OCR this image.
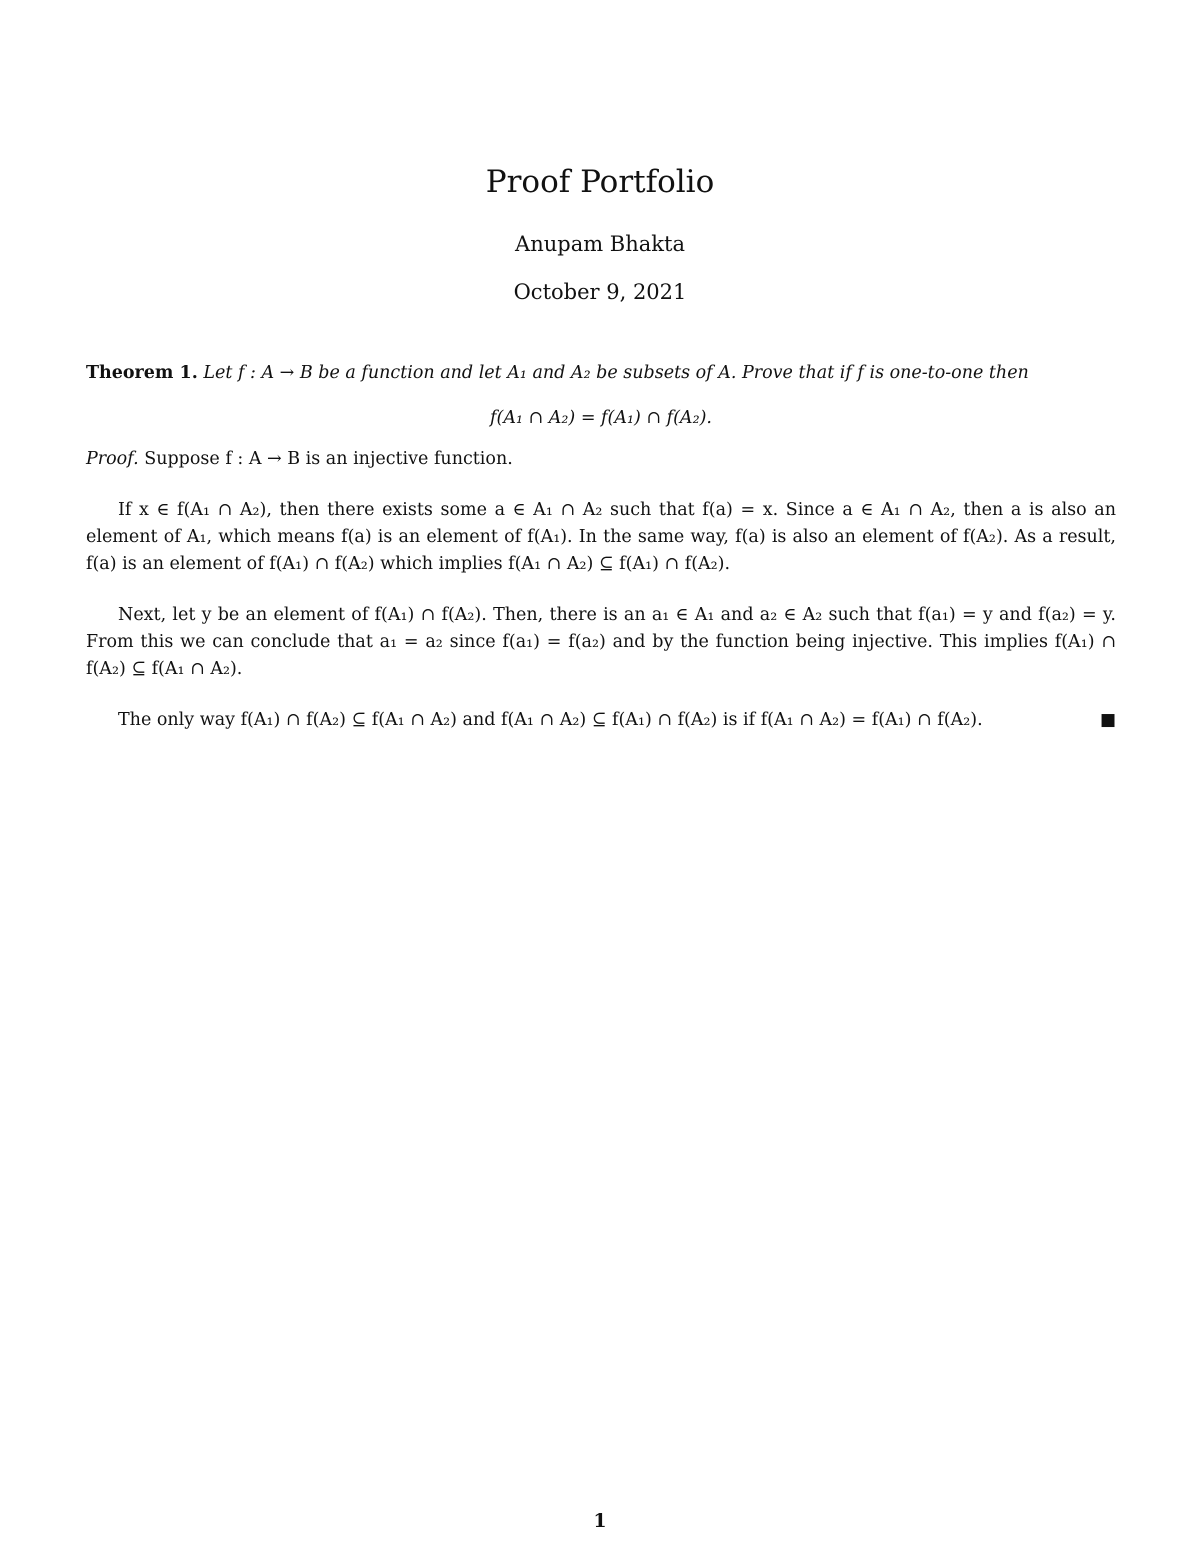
Proof Portfolio
Anupam Bhakta
October 9, 2021

Theorem 1. Let f : A → B be a function and let A₁ and A₂ be subsets of A. Prove that if f is one-to-one then

f(A₁ ∩ A₂) = f(A₁) ∩ f(A₂).

Proof. Suppose f : A → B is an injective function.

If x ∈ f(A₁ ∩ A₂), then there exists some a ∈ A₁ ∩ A₂ such that f(a) = x. Since a ∈ A₁ ∩ A₂, then a is also an element of A₁, which means f(a) is an element of f(A₁). In the same way, f(a) is also an element of f(A₂). As a result, f(a) is an element of f(A₁) ∩ f(A₂) which implies f(A₁ ∩ A₂) ⊆ f(A₁) ∩ f(A₂).

Next, let y be an element of f(A₁) ∩ f(A₂). Then, there is an a₁ ∈ A₁ and a₂ ∈ A₂ such that f(a₁) = y and f(a₂) = y. From this we can conclude that a₁ = a₂ since f(a₁) = f(a₂) and by the function being injective. This implies f(A₁) ∩ f(A₂) ⊆ f(A₁ ∩ A₂).

■
The only way f(A₁) ∩ f(A₂) ⊆ f(A₁ ∩ A₂) and f(A₁ ∩ A₂) ⊆ f(A₁) ∩ f(A₂) is if f(A₁ ∩ A₂) = f(A₁) ∩ f(A₂).

1
